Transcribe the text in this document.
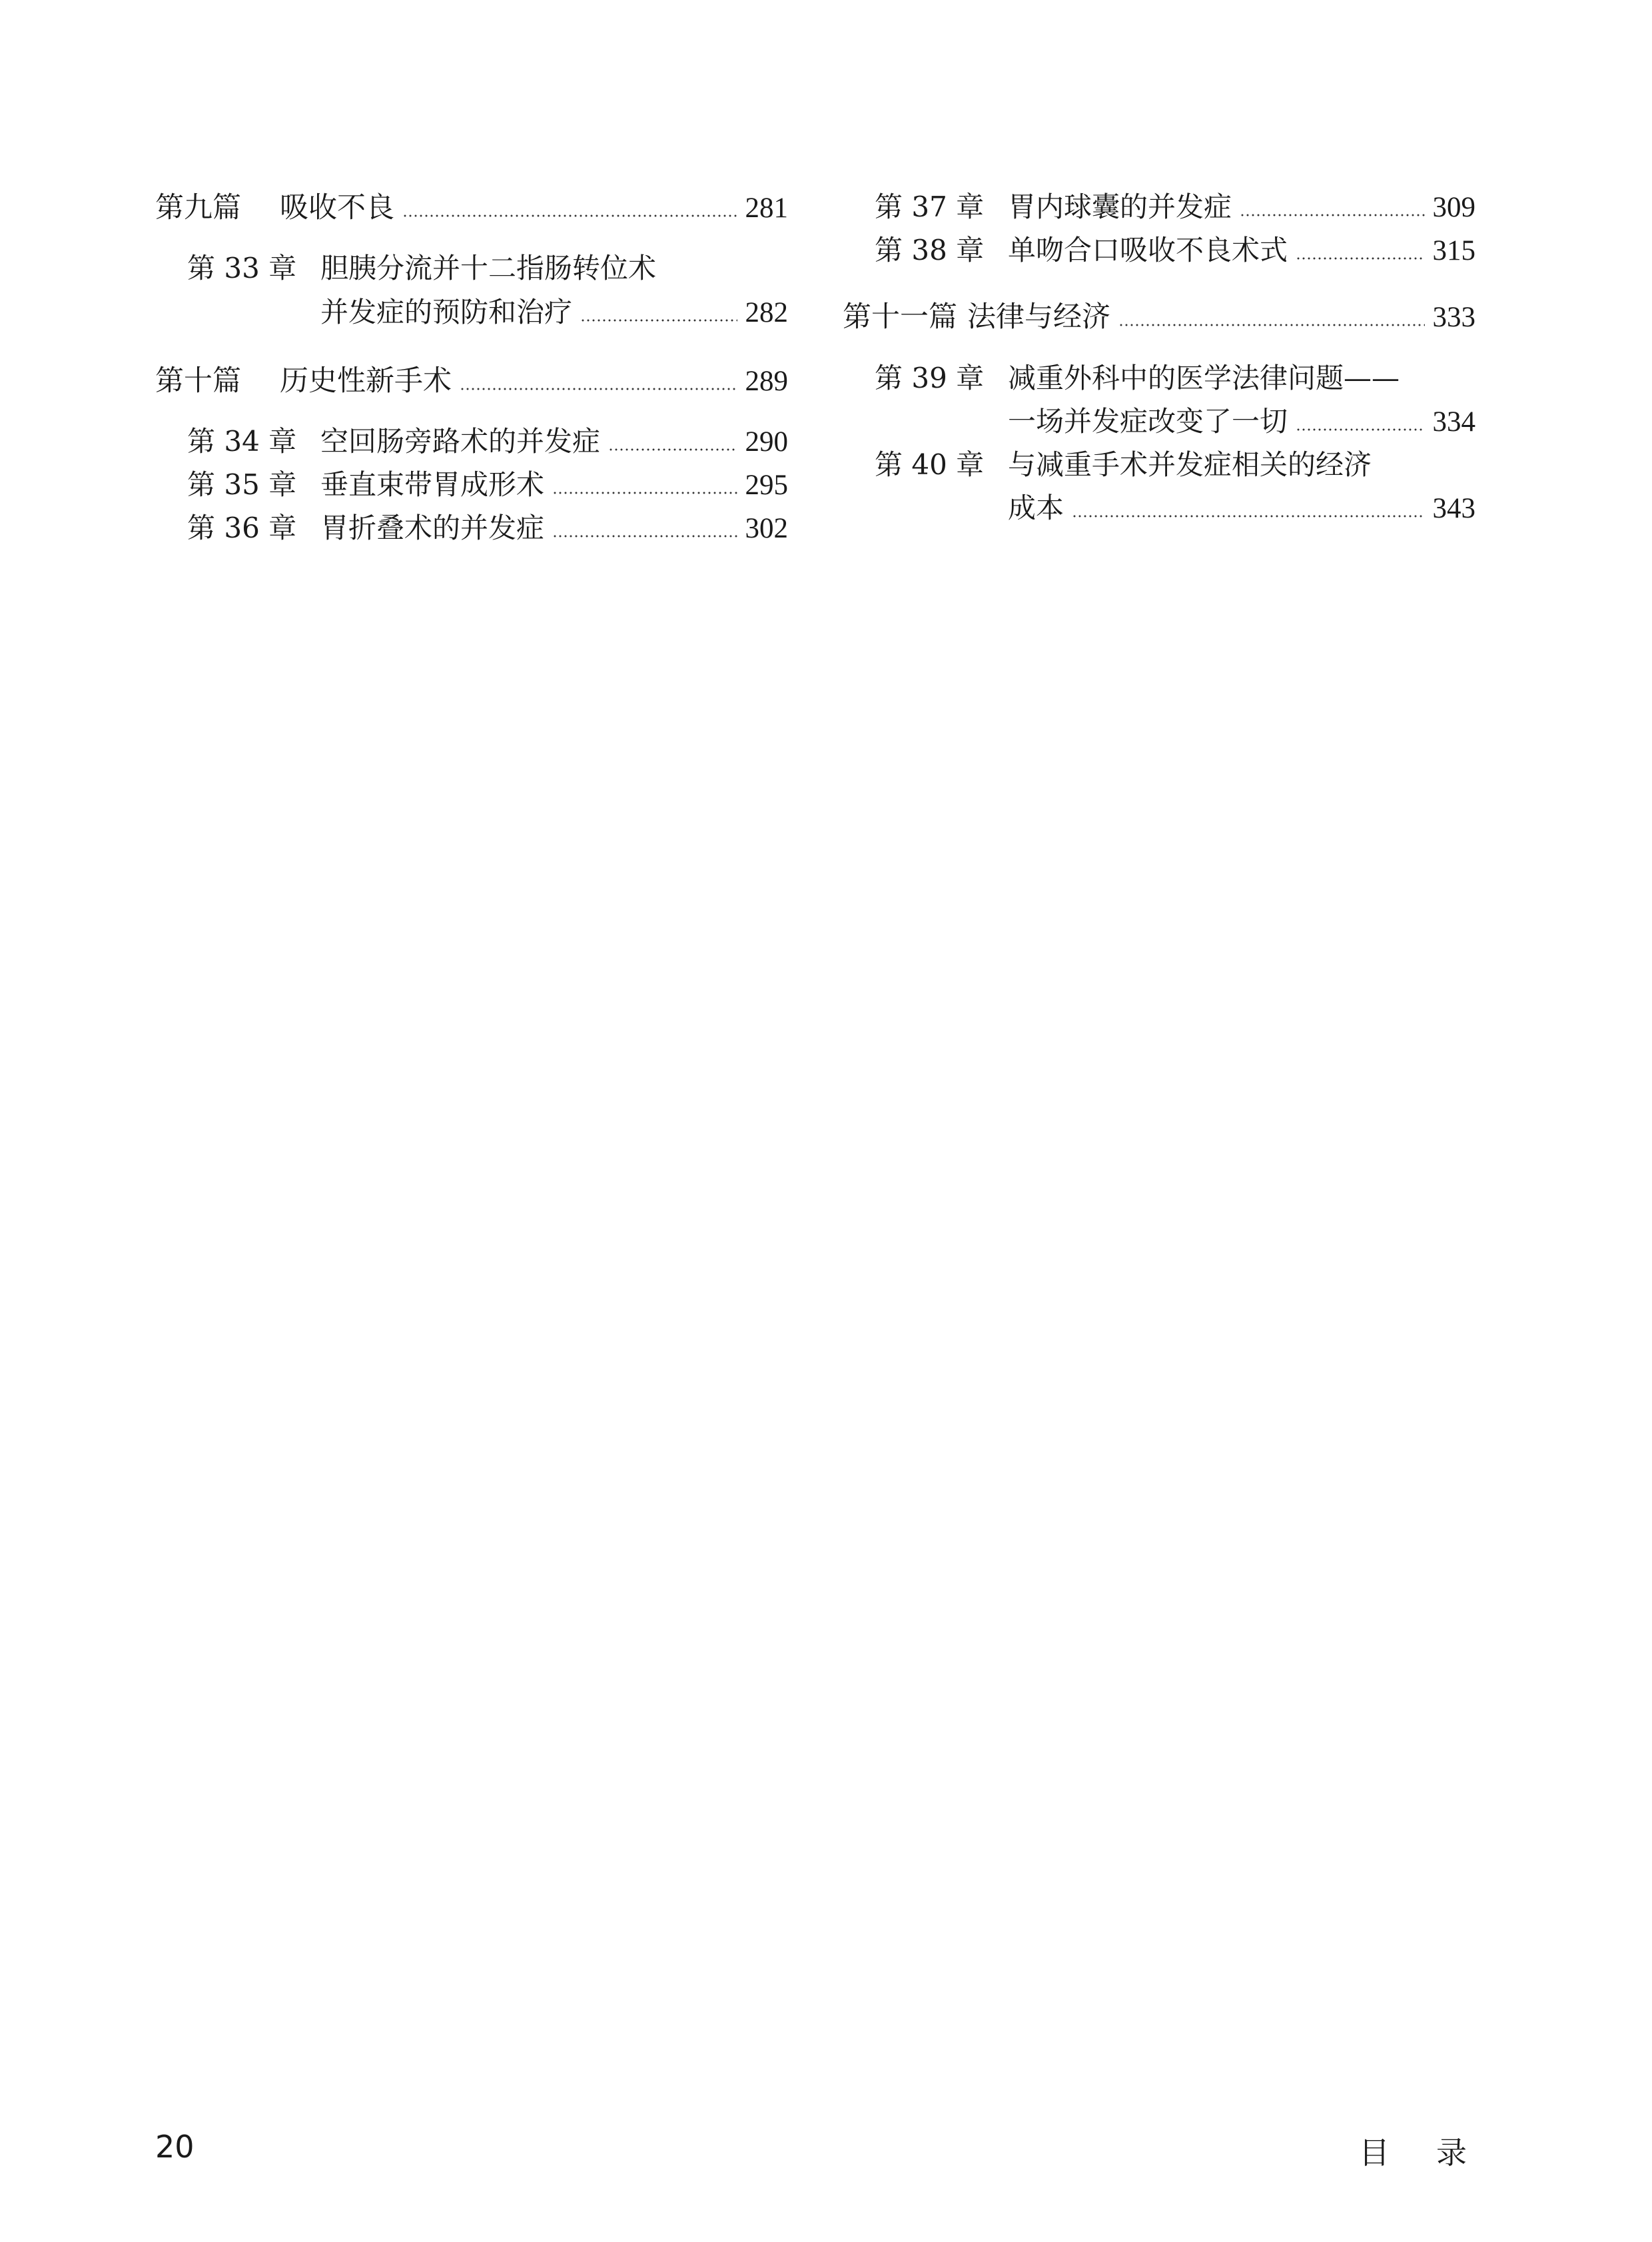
第九篇	吸收不良	281
第 33 章 胆胰分流并十二指肠转位术
并发症的预防和治疗	282
第十篇	历史性新手术	289
第 34 章 空回肠旁路术的并发症	290
第 35 章 垂直束带胃成形术	295
第 36 章 胃折叠术的并发症	302
第 37 章 胃内球囊的并发症	309
第 38 章 单吻合口吸收不良术式	315
第十一篇 法律与经济	333
第 39 章 减重外科中的医学法律问题——
一场并发症改变了一切	334
第 40 章 与减重手术并发症相关的经济
成本	343
20	目录
